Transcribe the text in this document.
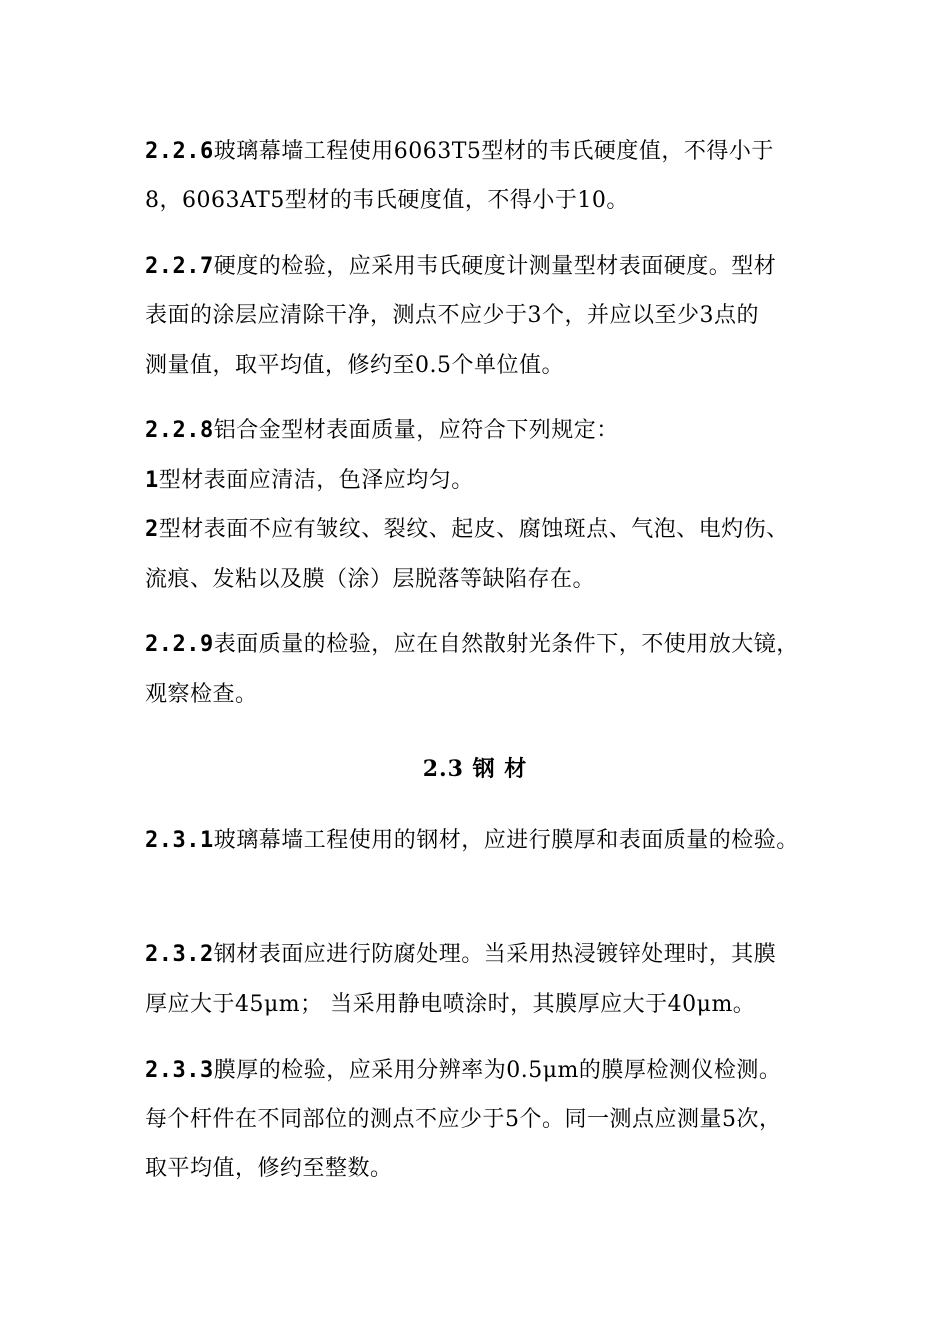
2.2.6玻璃幕墙工程使用6063T5型材的韦氏硬度值，不得小于
8，6063AT5型材的韦氏硬度值，不得小于10。
2.2.7硬度的检验，应采用韦氏硬度计测量型材表面硬度。型材
表面的涂层应清除干净，测点不应少于3个，并应以至少3点的
测量值，取平均值，修约至0.5个单位值。
2.2.8铝合金型材表面质量，应符合下列规定：
1型材表面应清洁，色泽应均匀。
2型材表面不应有皱纹、裂纹、起皮、腐蚀斑点、气泡、电灼伤、
流痕、发粘以及膜（涂）层脱落等缺陷存在。
2.2.9表面质量的检验，应在自然散射光条件下，不使用放大镜，
观察检查。
2.3 钢 材
2.3.1玻璃幕墙工程使用的钢材，应进行膜厚和表面质量的检验。
2.3.2钢材表面应进行防腐处理。当采用热浸镀锌处理时，其膜
厚应大于45μm； 当采用静电喷涂时，其膜厚应大于40μm。
2.3.3膜厚的检验，应采用分辨率为0.5μm的膜厚检测仪检测。
每个杆件在不同部位的测点不应少于5个。同一测点应测量5次，
取平均值，修约至整数。
